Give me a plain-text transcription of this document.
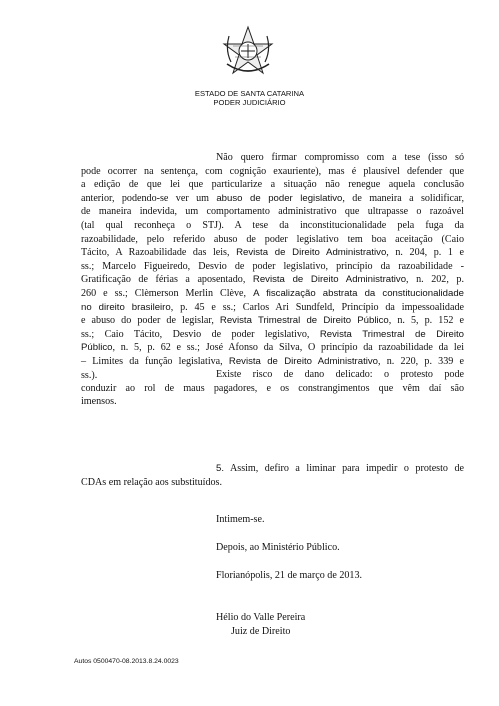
ESTADO DE SANTA CATARINA
PODER JUDICIÁRIO
Não quero firmar compromisso com a tese (isso só
pode ocorrer na sentença, com cognição exauriente), mas é plausível defender que
a edição de que lei que particularize a situação não renegue aquela conclusão
anterior, podendo-se ver um abuso de poder legislativo, de maneira a solidificar,
de maneira indevida, um comportamento administrativo que ultrapasse o razoável
(tal qual reconheça o STJ). A tese da inconstitucionalidade pela fuga da
razoabilidade, pelo referido abuso de poder legislativo tem boa aceitação (Caio
Tácito, A Razoabilidade das leis, Revista de Direito Administrativo, n. 204, p. 1 e
ss.; Marcelo Figueiredo, Desvio de poder legislativo, princípio da razoabilidade -
Gratificação de férias a aposentado, Revista de Direito Administrativo, n. 202, p.
260 e ss.; Clèmerson Merlin Clève, A fiscalização abstrata da constitucionalidade
no direito brasileiro, p. 45 e ss.; Carlos Ari Sundfeld, Princípio da impessoalidade
e abuso do poder de legislar, Revista Trimestral de Direito Público, n. 5, p. 152 e
ss.; Caio Tácito, Desvio de poder legislativo, Revista Trimestral de Direito
Público, n. 5, p. 62 e ss.; José Afonso da Silva, O princípio da razoabilidade da lei
– Limites da função legislativa, Revista de Direito Administrativo, n. 220, p. 339 e
ss.).	Existe risco de dano delicado: o protesto pode
conduzir ao rol de maus pagadores, e os constrangimentos que vêm daí são
imensos.
5. Assim, defiro a liminar para impedir o protesto de
CDAs em relação aos substituídos.
Intimem-se.
Depois, ao Ministério Público.
Florianópolis, 21 de março de 2013.
Hélio do Valle Pereira
Juiz de Direito
Autos 0500470-08.2013.8.24.0023
